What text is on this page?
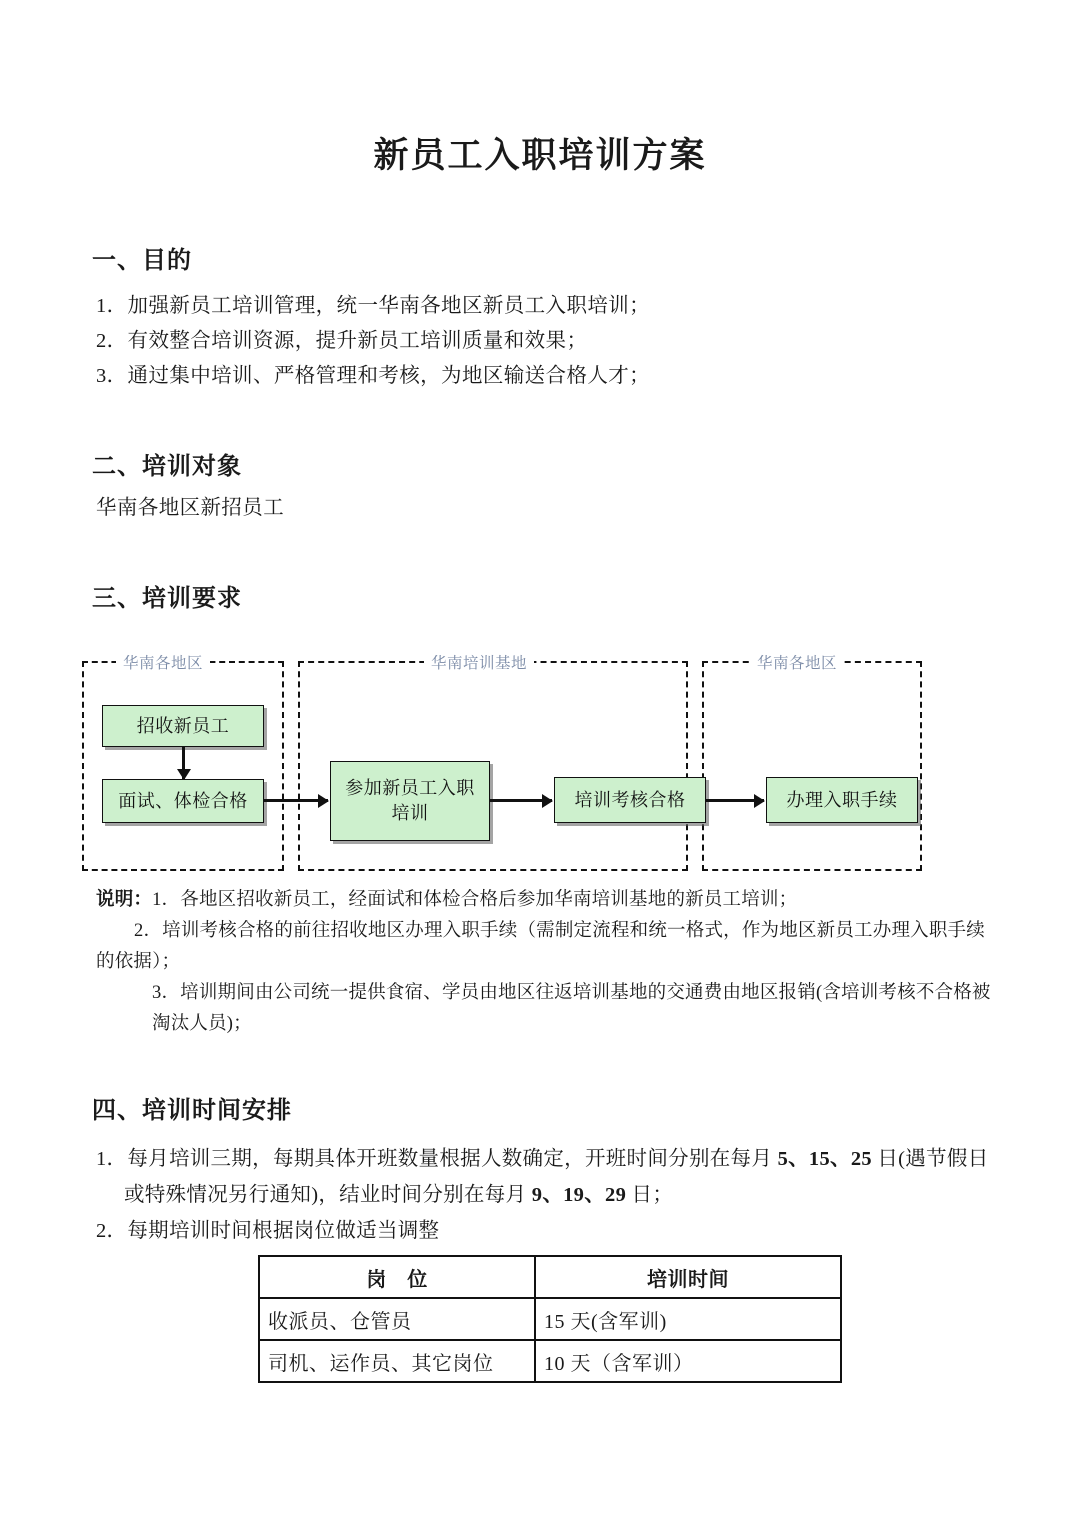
新员工入职培训方案
一、目的

1．加强新员工培训管理，统一华南各地区新员工入职培训；

2．有效整合培训资源，提升新员工培训质量和效果；

3．通过集中培训、严格管理和考核，为地区输送合格人才；

二、培训对象

华南各地区新招员工

三、培训要求
华南各地区	华南培训基地	华南各地区
招收新员工
面试、体检合格
参加新员工入职培训
培训考核合格	办理入职手续

说明：1．各地区招收新员工，经面试和体检合格后参加华南培训基地的新员工培训；

2．培训考核合格的前往招收地区办理入职手续（需制定流程和统一格式，作为地区新员工办理入职手续的依据）；

3．培训期间由公司统一提供食宿、学员由地区往返培训基地的交通费由地区报销(含培训考核不合格被淘汰人员)；

四、培训时间安排

1．每月培训三期，每期具体开班数量根据人数确定，开班时间分别在每月 5、15、25 日(遇节假日或特殊情况另行通知)，结业时间分别在每月 9、19、29 日；

2．每期培训时间根据岗位做适当调整

岗　位	培训时间
收派员、仓管员	15 天(含军训)
司机、运作员、其它岗位	10 天（含军训）
